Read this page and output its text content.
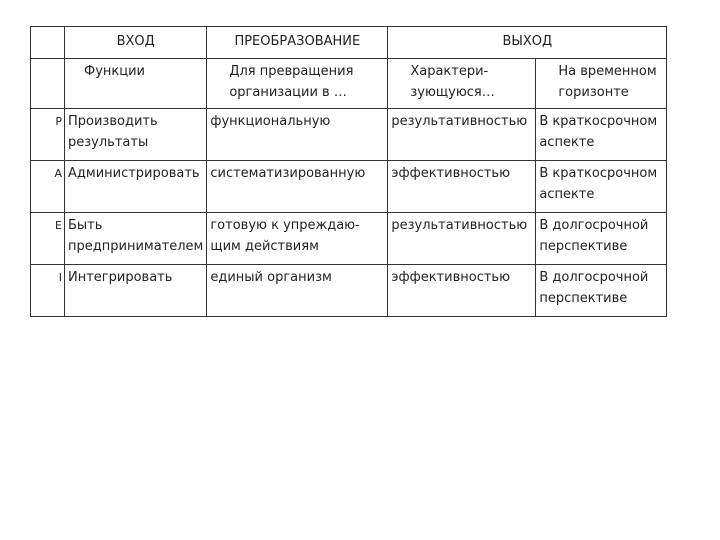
	ВХОД	ПРЕОБРАЗОВАНИЕ	ВЫХОД	
	Функции	Для превращения организации в …	Характери-зующуюся…	На временном горизонте
P	Производить результаты	функциональную	результативностью	В краткосрочном аспекте
A	Администрировать	систематизированную	эффективностью	В краткосрочном аспекте
E	Быть предпринимателем	готовую к упреждаю-щим действиям	результативностью	В долгосрочной перспективе
I	Интегрировать	единый организм	эффективностью	В долгосрочной перспективе
